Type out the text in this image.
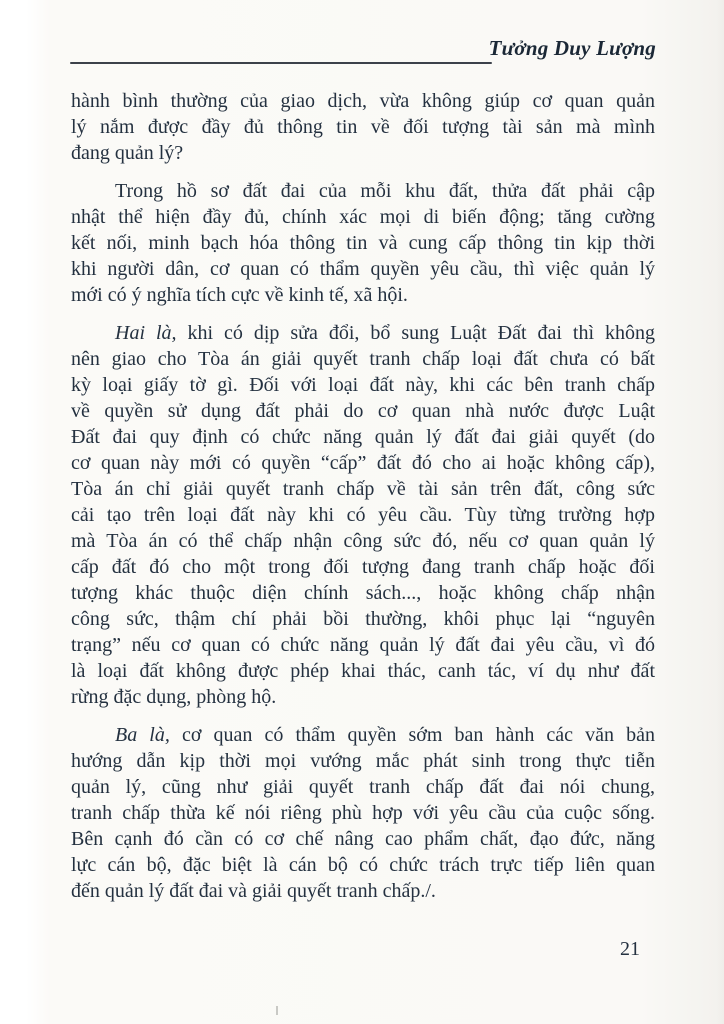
Tưởng Duy Lượng
hành bình thường của giao dịch, vừa không giúp cơ quan quản
lý nắm được đầy đủ thông tin về đối tượng tài sản mà mình
đang quản lý?
Trong hồ sơ đất đai của mỗi khu đất, thửa đất phải cập
nhật thể hiện đầy đủ, chính xác mọi di biến động; tăng cường
kết nối, minh bạch hóa thông tin và cung cấp thông tin kịp thời
khi người dân, cơ quan có thẩm quyền yêu cầu, thì việc quản lý
mới có ý nghĩa tích cực về kinh tế, xã hội.
Hai là, khi có dịp sửa đổi, bổ sung Luật Đất đai thì không
nên giao cho Tòa án giải quyết tranh chấp loại đất chưa có bất
kỳ loại giấy tờ gì. Đối với loại đất này, khi các bên tranh chấp
về quyền sử dụng đất phải do cơ quan nhà nước được Luật
Đất đai quy định có chức năng quản lý đất đai giải quyết (do
cơ quan này mới có quyền “cấp” đất đó cho ai hoặc không cấp),
Tòa án chỉ giải quyết tranh chấp về tài sản trên đất, công sức
cải tạo trên loại đất này khi có yêu cầu. Tùy từng trường hợp
mà Tòa án có thể chấp nhận công sức đó, nếu cơ quan quản lý
cấp đất đó cho một trong đối tượng đang tranh chấp hoặc đối
tượng khác thuộc diện chính sách..., hoặc không chấp nhận
công sức, thậm chí phải bồi thường, khôi phục lại “nguyên
trạng” nếu cơ quan có chức năng quản lý đất đai yêu cầu, vì đó
là loại đất không được phép khai thác, canh tác, ví dụ như đất
rừng đặc dụng, phòng hộ.
Ba là, cơ quan có thẩm quyền sớm ban hành các văn bản
hướng dẫn kịp thời mọi vướng mắc phát sinh trong thực tiễn
quản lý, cũng như giải quyết tranh chấp đất đai nói chung,
tranh chấp thừa kế nói riêng phù hợp với yêu cầu của cuộc sống.
Bên cạnh đó cần có cơ chế nâng cao phẩm chất, đạo đức, năng
lực cán bộ, đặc biệt là cán bộ có chức trách trực tiếp liên quan
đến quản lý đất đai và giải quyết tranh chấp./.
21
